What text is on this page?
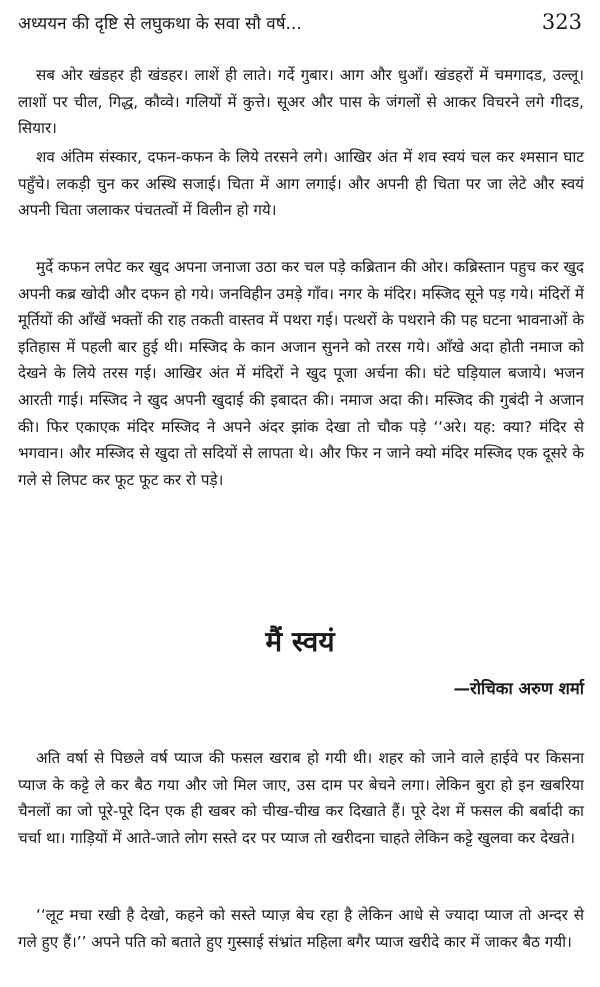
अध्ययन की दृष्टि से लघुकथा के सवा सौ वर्ष...	323

सब ओर खंडहर ही खंडहर। लाशें ही लाते। गर्दे गुबार। आग और धुआँ। खंडहरों में चमगादड, उल्लू। लाशों पर चील, गिद्ध, कौव्वे। गलियों में कुत्ते। सूअर और पास के जंगलों से आकर विचरने लगे गीदड, सियार।

शव अंतिम संस्कार, दफन-कफन के लिये तरसने लगे। आखिर अंत में शव स्वयं चल कर श्मसान घाट पहुँचे। लकड़ी चुन कर अस्थि सजाई। चिता में आग लगाई। और अपनी ही चिता पर जा लेटे और स्वयं अपनी चिता जलाकर पंचतत्वों में विलीन हो गये।

मुर्दे कफन लपेट कर खुद अपना जनाजा उठा कर चल पड़े कब्रितान की ओर। कब्रिस्तान पहुच कर खुद अपनी कब्र खोदी और दफन हो गये। जनविहीन उमड़े गाँव। नगर के मंदिर। मस्जिद सूने पड़ गये। मंदिरों में मूर्तियों की आँखें भक्तों की राह तकती वास्तव में पथरा गई। पत्थरों के पथराने की पह घटना भावनाओं के इतिहास में पहली बार हुई थी। मस्जिद के कान अजान सुनने को तरस गये। आँखे अदा होती नमाज को देखने के लिये तरस गई। आखिर अंत में मंदिरों ने खुद पूजा अर्चना की। घंटे घड़ियाल बजाये। भजन आरती गाई। मस्जिद ने खुद अपनी खुदाई की इबादत की। नमाज अदा की। मस्जिद की गुबंदी ने अजान की। फिर एकाएक मंदिर मस्जिद ने अपने अंदर झांक देखा तो चौक पड़े ‘‘अरे। यह: क्या? मंदिर से भगवान। और मस्जिद से खुदा तो सदियों से लापता थे। और फिर न जाने क्यो मंदिर मस्जिद एक दूसरे के गले से लिपट कर फूट फूट कर रो पड़े।

मैं स्वयं

—रोचिका अरुण शर्मा

अति वर्षा से पिछले वर्ष प्याज की फसल खराब हो गयी थी। शहर को जाने वाले हाईवे पर किसना प्याज के कट्टे ले कर बैठ गया और जो मिल जाए, उस दाम पर बेचने लगा। लेकिन बुरा हो इन खबरिया चैनलों का जो पूरे-पूरे दिन एक ही खबर को चीख-चीख कर दिखाते हैं। पूरे देश में फसल की बर्बादी का चर्चा था। गाड़ियों में आते-जाते लोग सस्ते दर पर प्याज तो खरीदना चाहते लेकिन कट्टे खुलवा कर देखते।

‘‘लूट मचा रखी है देखो, कहने को सस्ते प्याज़ बेच रहा है लेकिन आधे से ज्यादा प्याज तो अन्दर से गले हुए हैं।’’ अपने पति को बताते हुए गुस्साई संभ्रांत महिला बगैर प्याज खरीदे कार में जाकर बैठ गयी।
